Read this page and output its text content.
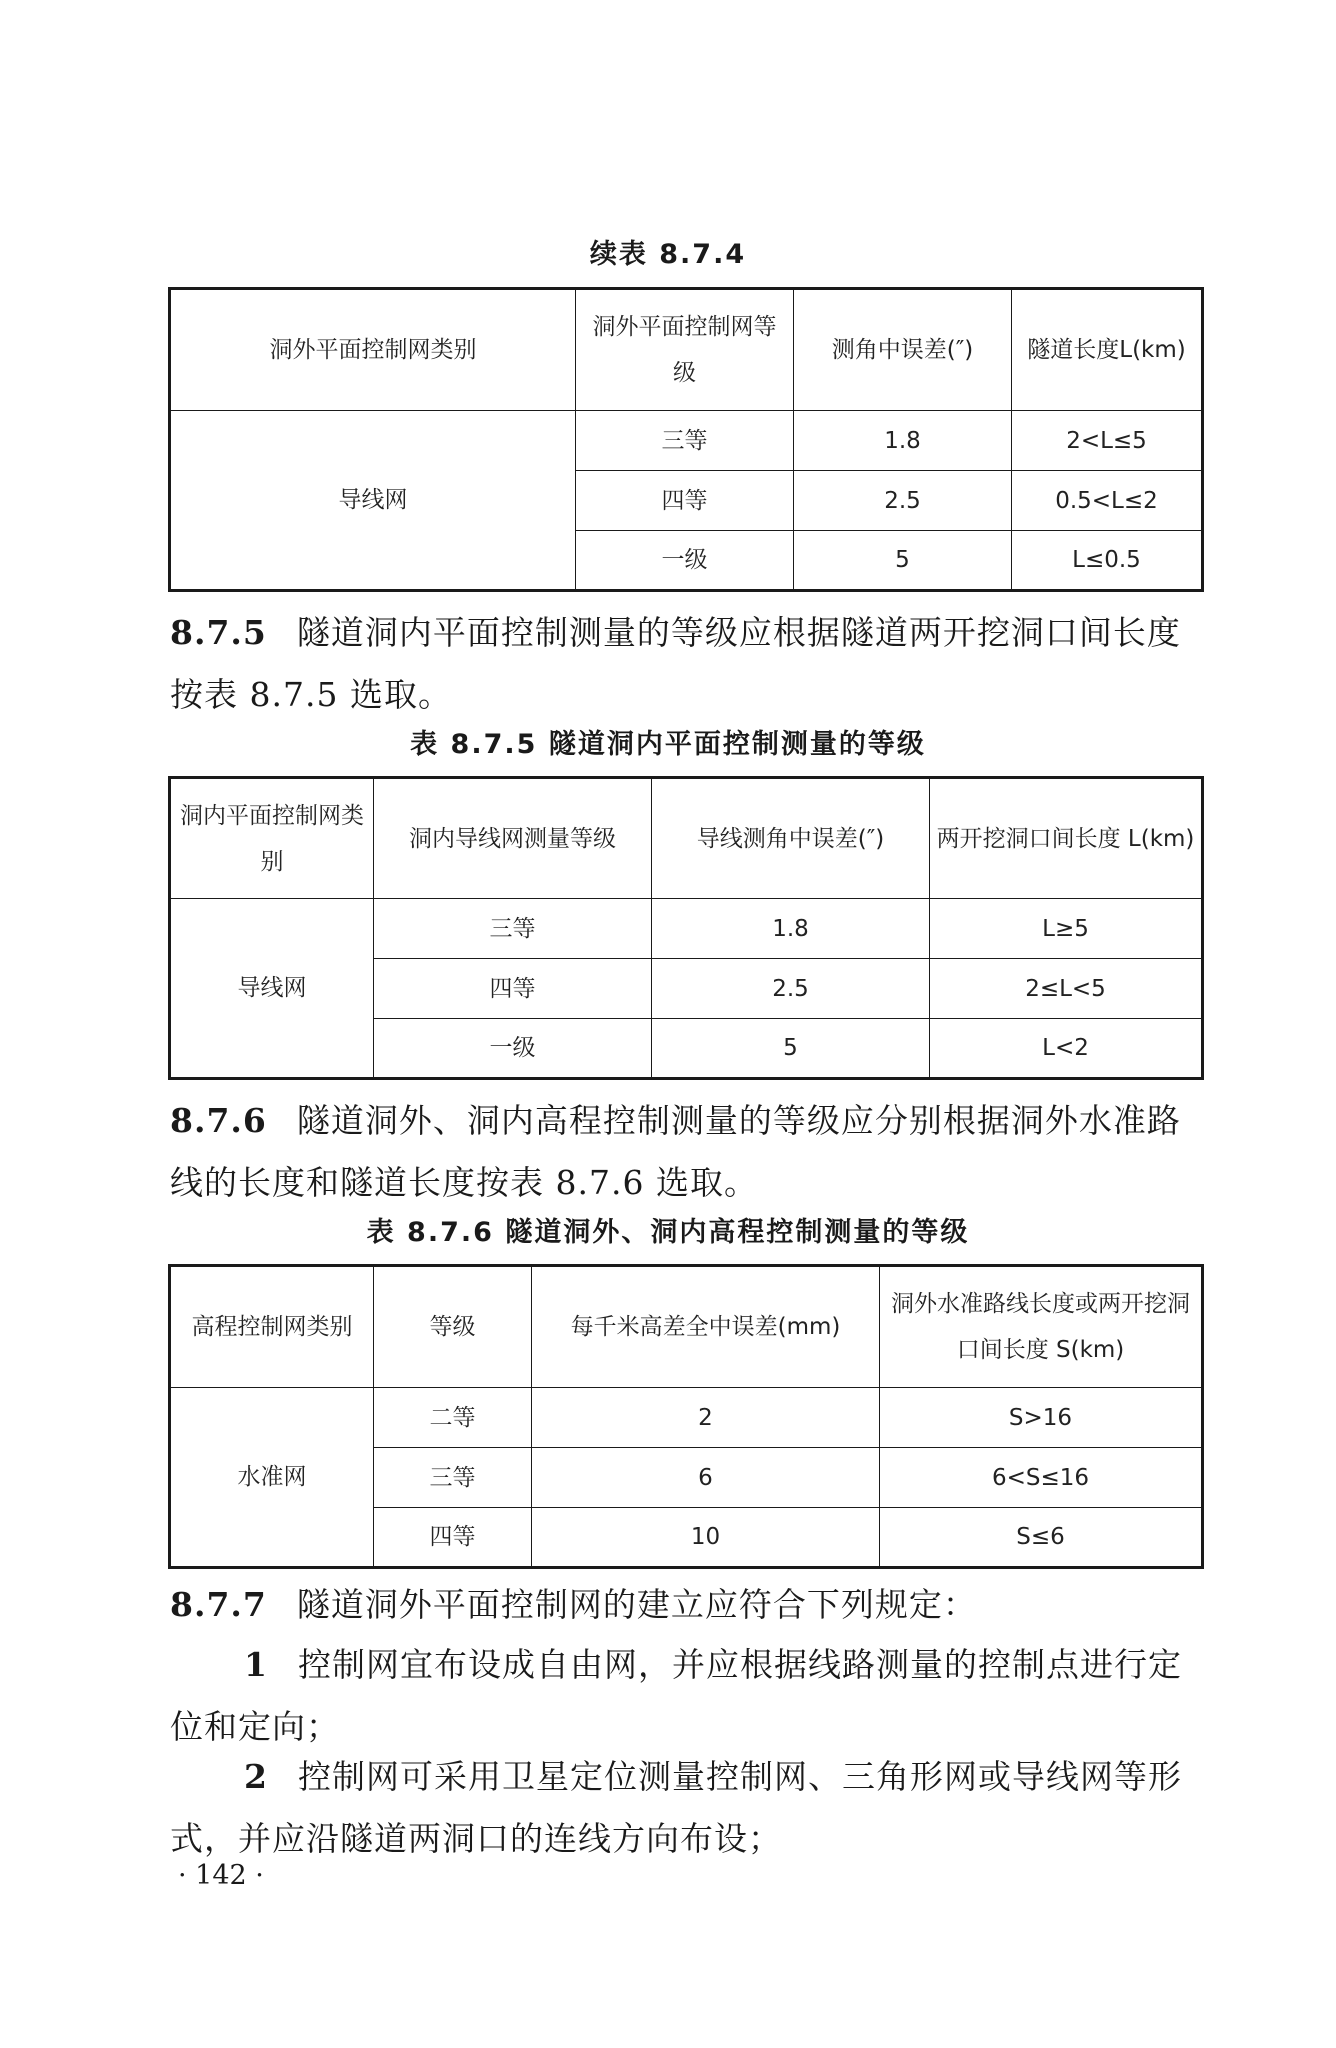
续表 8.7.4
洞外平面控制网类别	洞外平面控制网等级	测角中误差(″)	隧道长度L(km)
导线网	三等	1.8	2<L≤5
	四等	2.5	0.5<L≤2
	一级	5	L≤0.5
8.7.5 隧道洞内平面控制测量的等级应根据隧道两开挖洞口间长度按表 8.7.5 选取。
表 8.7.5 隧道洞内平面控制测量的等级
洞内平面控制网类别	洞内导线网测量等级	导线测角中误差(″)	两开挖洞口间长度 L(km)
导线网	三等	1.8	L≥5
	四等	2.5	2≤L<5
	一级	5	L<2
8.7.6 隧道洞外、洞内高程控制测量的等级应分别根据洞外水准路线的长度和隧道长度按表 8.7.6 选取。
表 8.7.6 隧道洞外、洞内高程控制测量的等级
高程控制网类别	等级	每千米高差全中误差(mm)	洞外水准路线长度或两开挖洞口间长度 S(km)
水准网	二等	2	S>16
	三等	6	6<S≤16
	四等	10	S≤6
8.7.7 隧道洞外平面控制网的建立应符合下列规定：
1 控制网宜布设成自由网，并应根据线路测量的控制点进行定位和定向；
2 控制网可采用卫星定位测量控制网、三角形网或导线网等形式，并应沿隧道两洞口的连线方向布设；
· 142 ·
